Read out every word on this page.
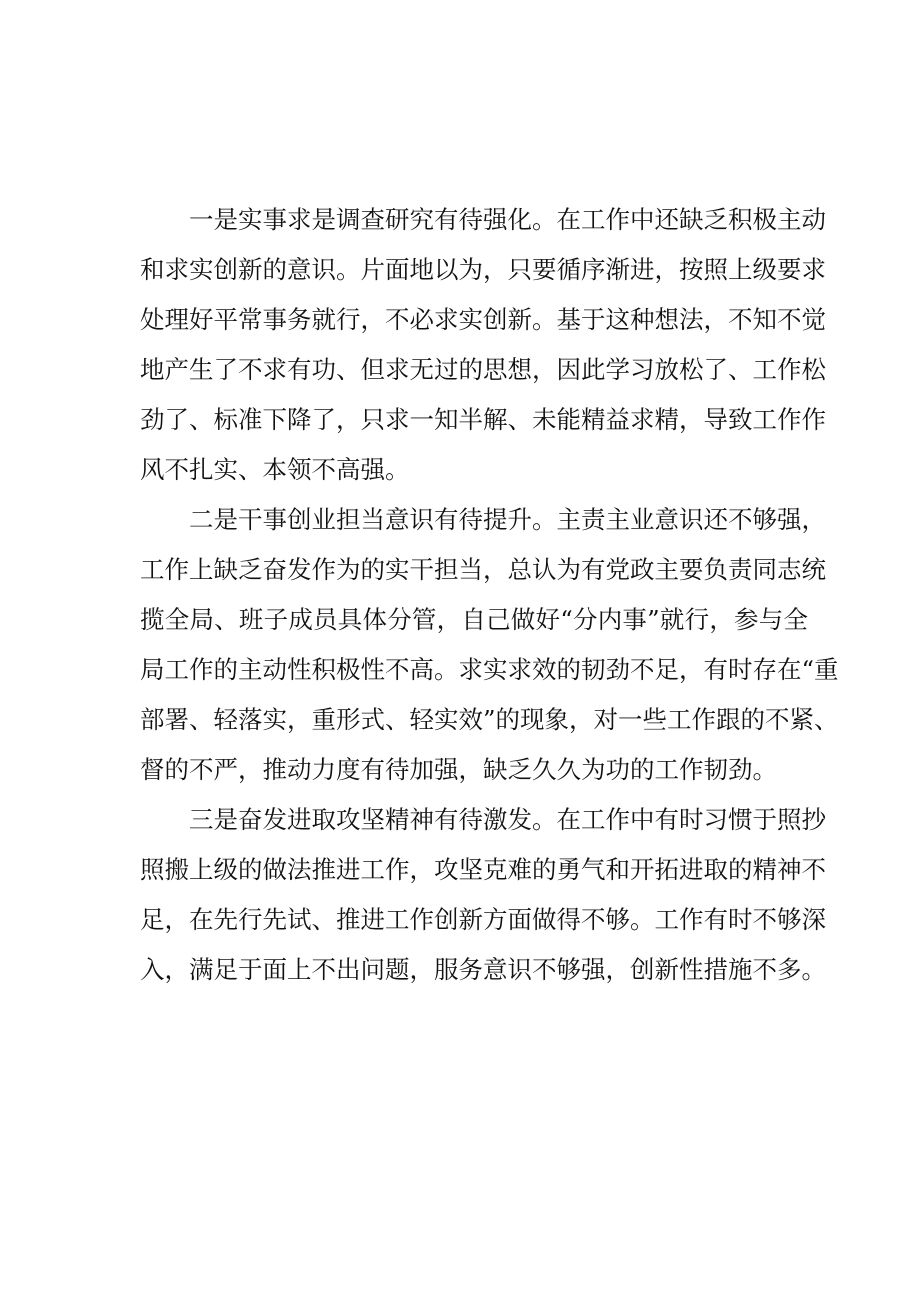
一是实事求是调查研究有待强化。在工作中还缺乏积极主动
和求实创新的意识。片面地以为，只要循序渐进，按照上级要求
处理好平常事务就行，不必求实创新。基于这种想法，不知不觉
地产生了不求有功、但求无过的思想，因此学习放松了、工作松
劲了、标准下降了，只求一知半解、未能精益求精，导致工作作
风不扎实、本领不高强。
二是干事创业担当意识有待提升。主责主业意识还不够强，
工作上缺乏奋发作为的实干担当，总认为有党政主要负责同志统
揽全局、班子成员具体分管，自己做好“分内事”就行，参与全
局工作的主动性积极性不高。求实求效的韧劲不足，有时存在“重
部署、轻落实，重形式、轻实效”的现象，对一些工作跟的不紧、
督的不严，推动力度有待加强，缺乏久久为功的工作韧劲。
三是奋发进取攻坚精神有待激发。在工作中有时习惯于照抄
照搬上级的做法推进工作，攻坚克难的勇气和开拓进取的精神不
足，在先行先试、推进工作创新方面做得不够。工作有时不够深
入，满足于面上不出问题，服务意识不够强，创新性措施不多。
